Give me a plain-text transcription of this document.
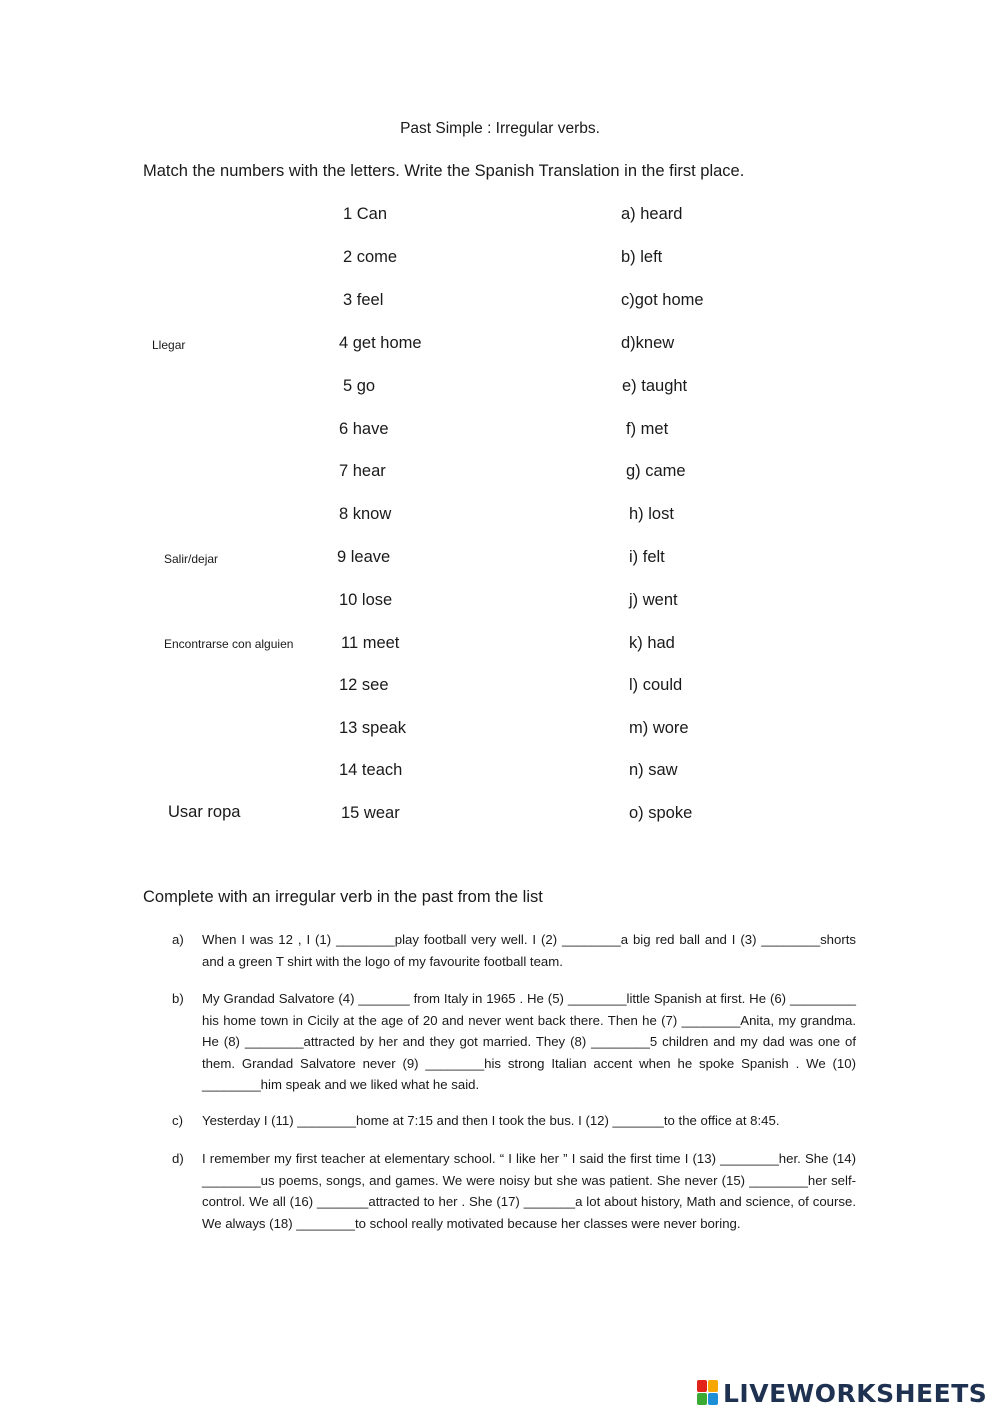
Past Simple : Irregular verbs.
Match the numbers with the letters. Write the Spanish Translation in the first place.
Llegar
Salir/dejar
Encontrarse con alguien
Usar ropa
1 Can
2 come
3 feel
4 get home
5 go
6 have
7 hear
8 know
9 leave
10 lose
11 meet
12 see
13 speak
14 teach
15 wear
a) heard
b) left
c)got home
d)knew
e) taught
f) met
g) came
h) lost
i) felt
j) went
k) had
l) could
m) wore
n) saw
o) spoke
Complete with an irregular verb in the past from the list
a) When I was 12 , I (1) ________play football very well. I (2) ________a big red ball and I (3) ________shorts and a green T shirt with the logo of my favourite football team.
b) My Grandad Salvatore (4) _______ from Italy in 1965 . He (5) ________little Spanish at first. He (6) _________ his home town in Cicily at the age of 20 and never went back there. Then he (7) ________Anita, my grandma. He (8) ________attracted by her and they got married. They (8) ________5 children and my dad was one of them. Grandad Salvatore never (9) ________his strong Italian accent when he spoke Spanish . We (10) ________him speak and we liked what he said.
c) Yesterday I (11) ________home at 7:15 and then I took the bus. I (12) _______to the office at 8:45.
d) I remember my first teacher at elementary school. “ I like her ” I said the first time I (13) ________her. She (14) ________us poems, songs, and games. We were noisy but she was patient. She never (15) ________her self-control. We all (16) _______attracted to her . She (17) _______a lot about history, Math and science, of course. We always (18) ________to school really motivated because her classes were never boring.
LIVEWORKSHEETS
